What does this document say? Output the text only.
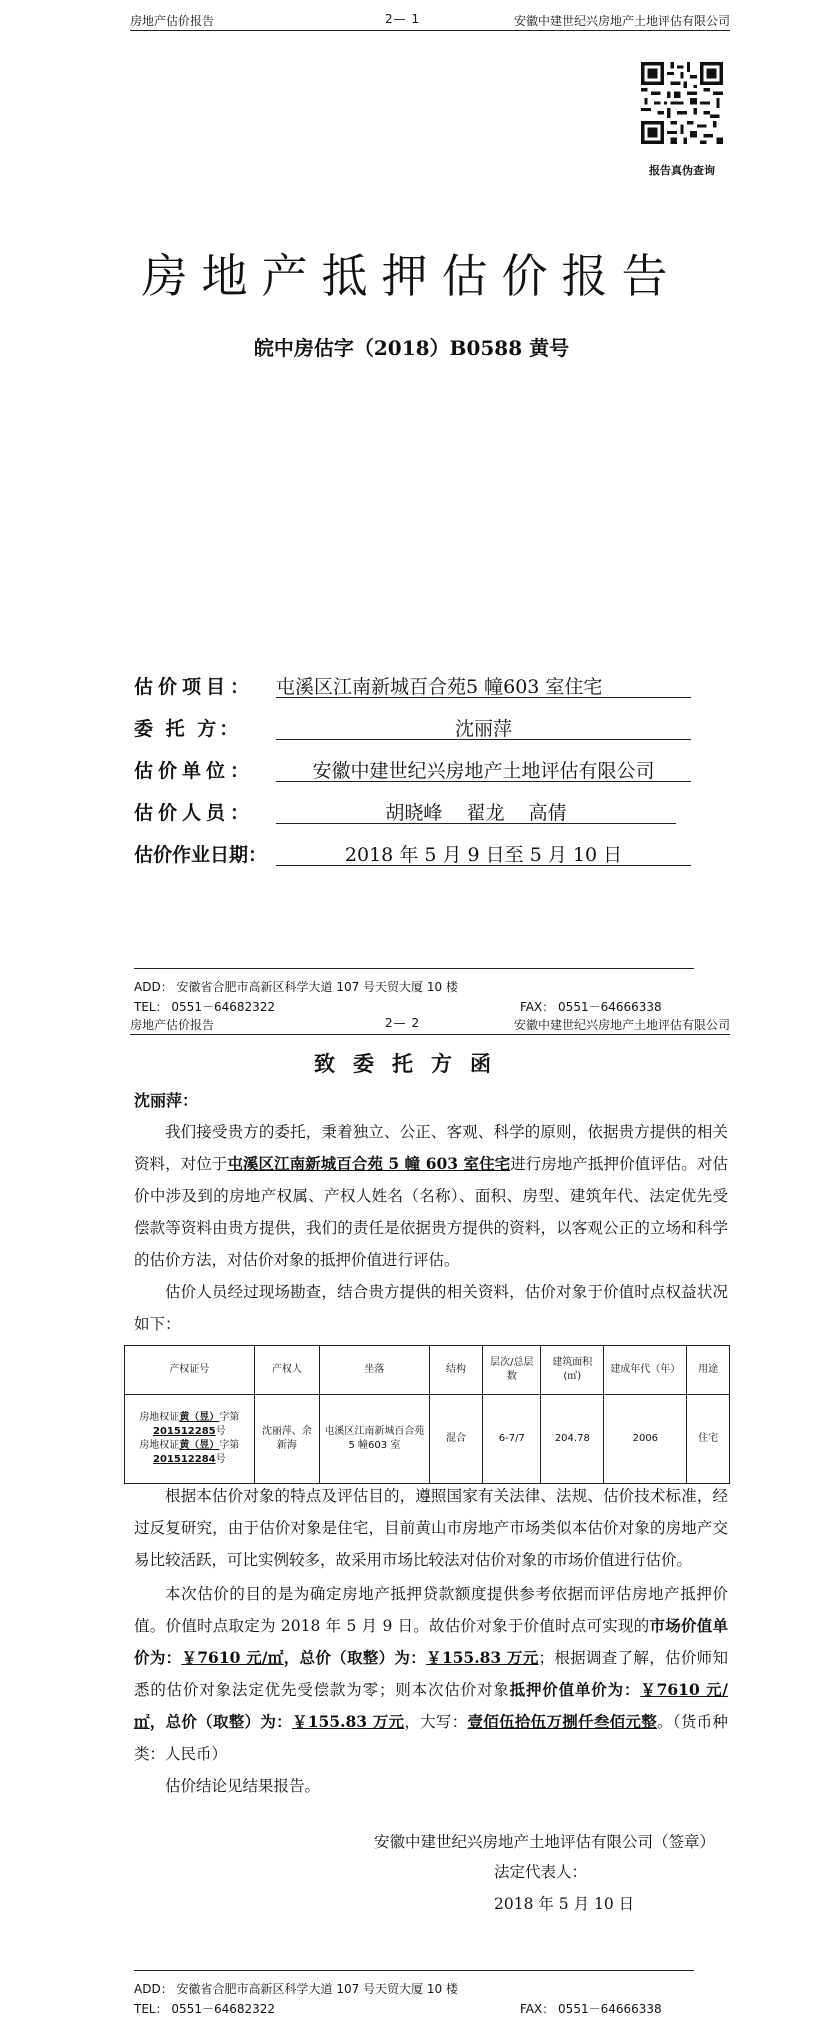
房地产估价报告	2— 1	安徽中建世纪兴房地产土地评估有限公司
报告真伪查询
房地产抵押估价报告
皖中房估字（2018）B0588 黄号
估价项目： 屯溪区江南新城百合苑5 幢603 室住宅
委 托 方：	沈丽萍
估价单位：	安徽中建世纪兴房地产土地评估有限公司
估价人员：	胡晓峰    翟龙    高倩
估价作业日期：	2018 年 5 月 9 日至 5 月 10 日
ADD： 安徽省合肥市高新区科学大道 107 号天贸大厦 10 楼
TEL： 0551－64682322	FAX： 0551－64666338
房地产估价报告	2— 2	安徽中建世纪兴房地产土地评估有限公司
致委托方函
沈丽萍：
我们接受贵方的委托，秉着独立、公正、客观、科学的原则，依据贵方提供的相关资料，对位于屯溪区江南新城百合苑 5 幢 603 室住宅进行房地产抵押价值评估。对估价中涉及到的房地产权属、产权人姓名（名称）、面积、房型、建筑年代、法定优先受偿款等资料由贵方提供，我们的责任是依据贵方提供的资料，以客观公正的立场和科学的估价方法，对估价对象的抵押价值进行评估。
估价人员经过现场勘查，结合贵方提供的相关资料，估价对象于价值时点权益状况如下：
产权证号	产权人	坐落	结构	层次/总层数	建筑面积(㎡)	建成年代（年）	用途

房地权证黄（昱）字第
201512285号
房地权证黄（昱）字第
201512284号	沈丽萍、余新海	屯溪区江南新城百合苑5 幢603 室	混合	6-7/7	204.78	2006	住宅
根据本估价对象的特点及评估目的，遵照国家有关法律、法规、估价技术标准，经过反复研究，由于估价对象是住宅，目前黄山市房地产市场类似本估价对象的房地产交易比较活跃，可比实例较多，故采用市场比较法对估价对象的市场价值进行估价。
本次估价的目的是为确定房地产抵押贷款额度提供参考依据而评估房地产抵押价值。价值时点取定为 2018 年 5 月 9 日。故估价对象于价值时点可实现的市场价值单价为：￥7610 元/㎡，总价（取整）为：￥155.83 万元；根据调查了解，估价师知悉的估价对象法定优先受偿款为零；则本次估价对象抵押价值单价为：￥7610 元/㎡，总价（取整）为：￥155.83 万元，大写：壹佰伍拾伍万捌仟叁佰元整。（货币种类：人民币）
估价结论见结果报告。
安徽中建世纪兴房地产土地评估有限公司（签章）
法定代表人：
2018 年 5 月 10 日
ADD： 安徽省合肥市高新区科学大道 107 号天贸大厦 10 楼
TEL： 0551－64682322	FAX： 0551－64666338
